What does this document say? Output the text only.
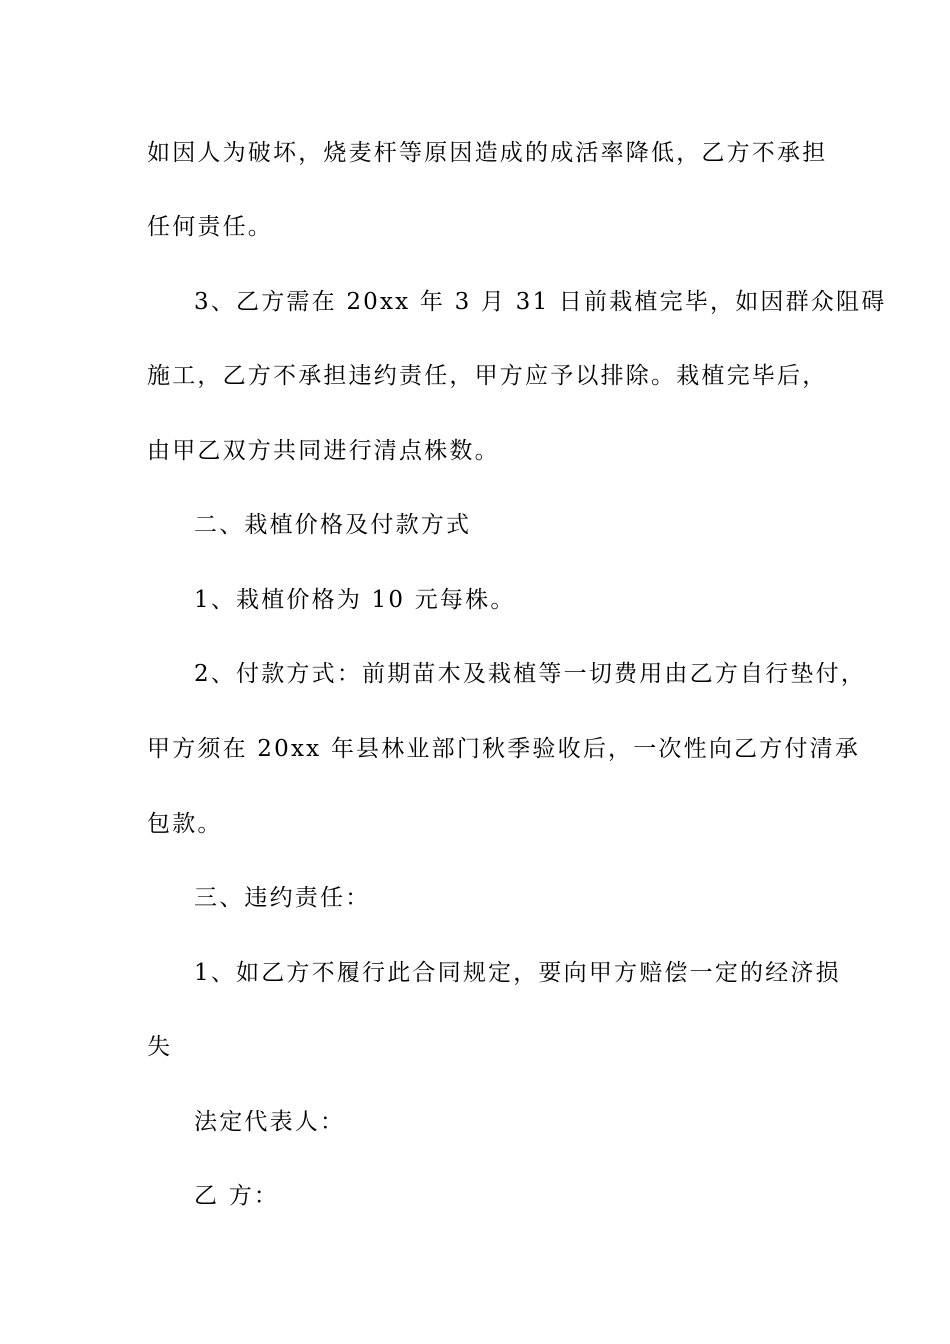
如因人为破坏，烧麦杆等原因造成的成活率降低，乙方不承担
任何责任。
3、乙方需在 20xx 年 3 月 31 日前栽植完毕，如因群众阻碍
施工，乙方不承担违约责任，甲方应予以排除。栽植完毕后，
由甲乙双方共同进行清点株数。
二、栽植价格及付款方式
1、栽植价格为 10 元每株。
2、付款方式：前期苗木及栽植等一切费用由乙方自行垫付，
甲方须在 20xx 年县林业部门秋季验收后，一次性向乙方付清承
包款。
三、违约责任：
1、如乙方不履行此合同规定，要向甲方赔偿一定的经济损
失
法定代表人：
乙 方：
